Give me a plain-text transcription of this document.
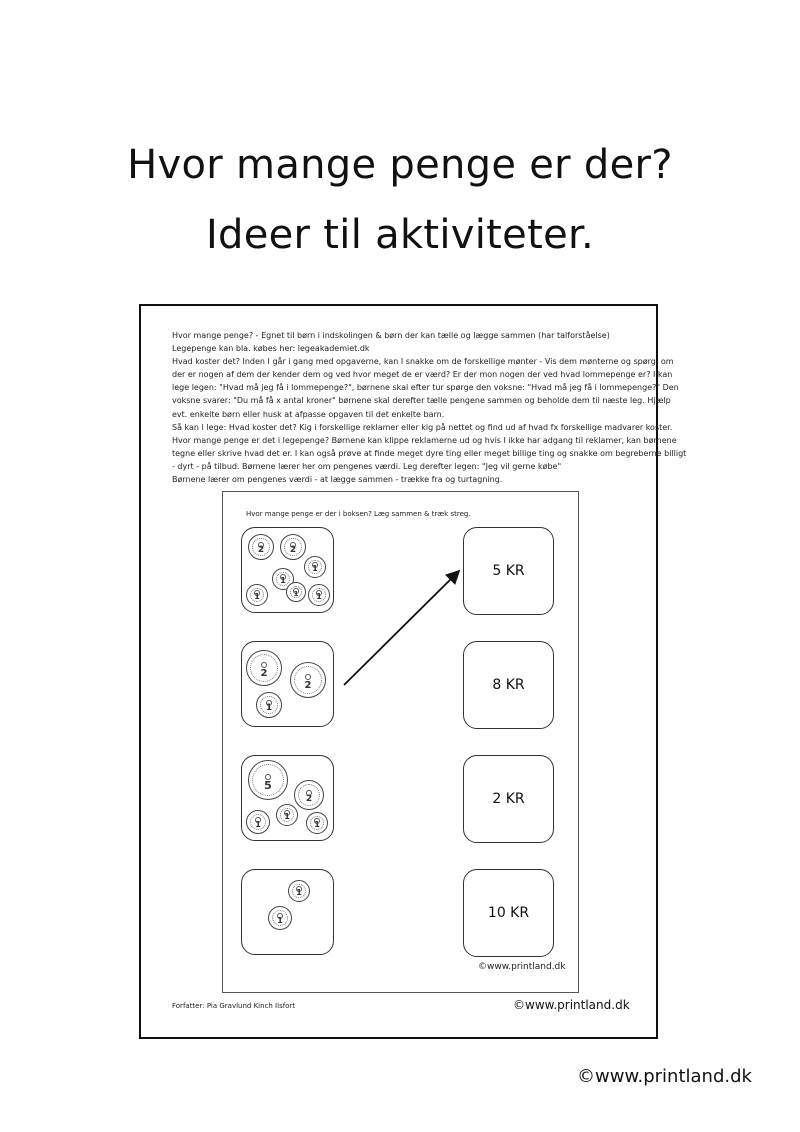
Hvor mange penge er der?
Ideer til aktiviteter.
Hvor mange penge? - Egnet til børn i indskolingen & børn der kan tælle og lægge sammen (har talforståelse)
Legepenge kan bla. købes her: legeakademiet.dk
Hvad koster det? Inden I går i gang med opgaverne, kan I snakke om de forskellige mønter - Vis dem mønterne og spørg, om
der er nogen af dem der kender dem og ved hvor meget de er værd? Er der mon nogen der ved hvad lommepenge er? I kan
lege legen: "Hvad må jeg få i lommepenge?", børnene skal efter tur spørge den voksne: "Hvad må jeg få i lommepenge?" Den
voksne svarer: "Du må få x antal kroner" børnene skal derefter tælle pengene sammen og beholde dem til næste leg. Hjælp
evt. enkelte børn eller husk at afpasse opgaven til det enkelte barn.
Så kan I lege: Hvad koster det? Kig i forskellige reklamer eller kig på nettet og find ud af hvad fx forskellige madvarer koster.
Hvor mange penge er det i legepenge? Børnene kan klippe reklamerne ud og hvis I ikke har adgang til reklamer, kan børnene
tegne eller skrive hvad det er. I kan også prøve at finde meget dyre ting eller meget billige ting og snakke om begreberne billigt
- dyrt - på tilbud. Børnene lærer her om pengenes værdi. Leg derefter legen: "Jeg vil gerne købe"
Børnene lærer om pengenes værdi - at lægge sammen - trække fra og turtagning.
Hvor mange penge er der i boksen? Læg sammen & træk streg.
2	2
1
1
1	1 1
2
2
1
5
2
1
1
1
1
1
5 KR
8 KR
2 KR
10 KR
©www.printland.dk
Forfatter: Pia Gravlund Kinch Ilsfort	©www.printland.dk
©www.printland.dk
